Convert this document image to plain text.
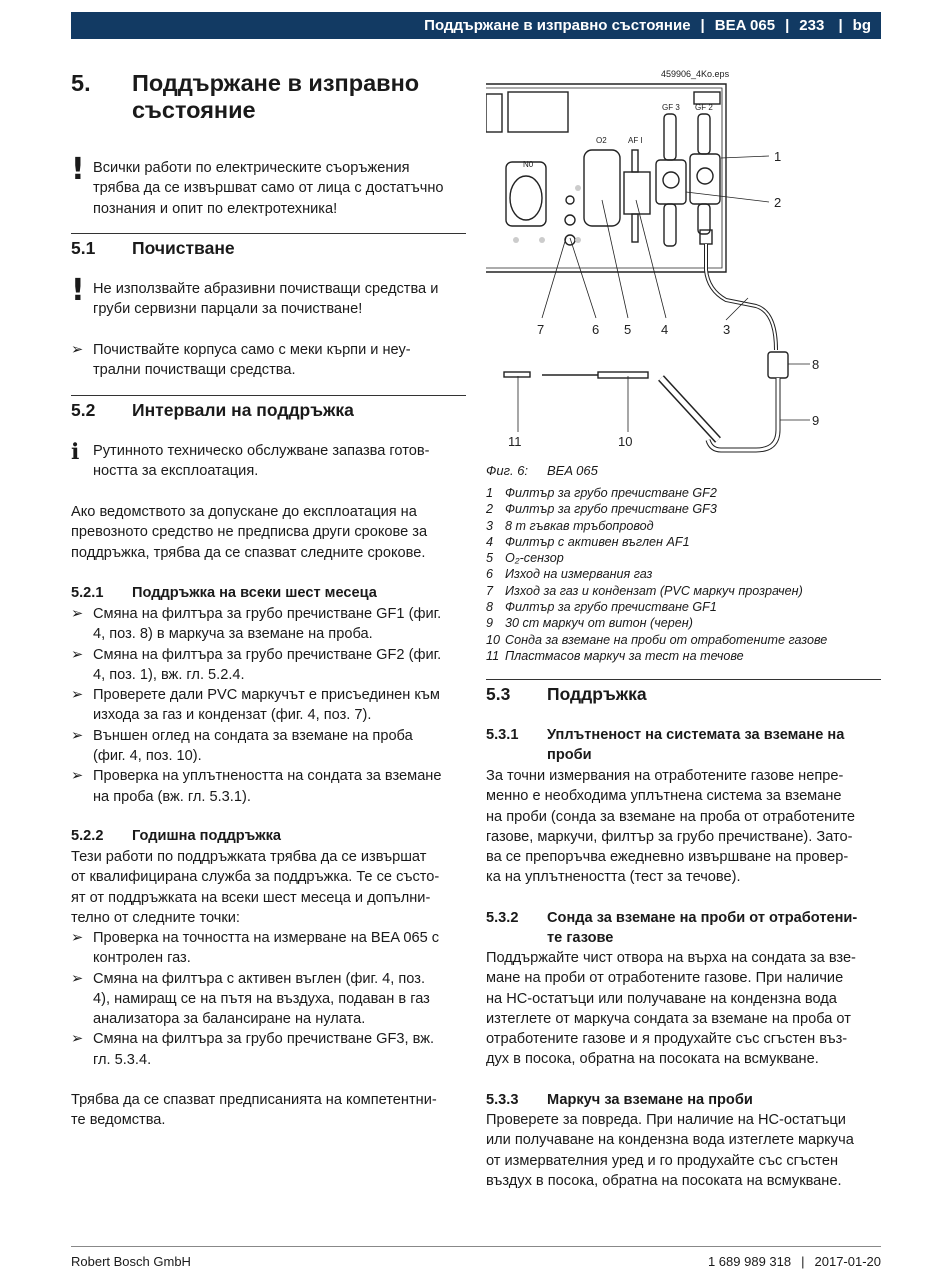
Поддържане в изправно състояние | BEA 065 | 233 | bg
5.	Поддържане в изправно
състояние
! Всички работи по електрическите съоръжения
трябва да се извършват само от лица с достатъчно
познания и опит по електротехника!

5.1	Почистване
! Не използвайте абразивни почистващи средства и
груби сервизни парцали за почистване!

➢ Почиствайте корпуса само с меки кърпи и неу-
трални почистващи средства.
5.2	Интервали на поддръжка
ℹ Рутинното техническо обслужване запазва готов-
ността за експлоатация.

Ако ведомството за допускане до експлоатация на
превозното средство не предписва други срокове за
поддръжка, трябва да се спазват следните срокове.

5.2.1	Поддръжка на всеки шест месеца
➢ Смяна на филтъра за грубо пречистване GF1 (фиг.
4, поз. 8) в маркуча за вземане на проба.
➢ Смяна на филтъра за грубо пречистване GF2 (фиг.
4, поз. 1), вж. гл. 5.2.4.
➢ Проверете дали PVC маркучът е присъединен към
изхода за газ и кондензат (фиг. 4, поз. 7).
➢ Външен оглед на сондата за вземане на проба
(фиг. 4, поз. 10).
➢ Проверка на уплътнеността на сондата за вземане
на проба (вж. гл. 5.3.1).
5.2.2	Годишна поддръжка

Тези работи по поддръжката трябва да се извършат
от квалифицирана служба за поддръжка. Те се състо-
ят от поддръжката на всеки шест месеца и допълни-
телно от следните точки:

➢ Проверка на точността на измерване на BEA 065 с
контролен газ.
➢ Смяна на филтъра с активен въглен (фиг. 4, поз.
4), намиращ се на пътя на въздуха, подаван в газ
анализатора за балансиране на нулата.
➢ Смяна на филтъра за грубо пречистване GF3, вж.
гл. 5.3.4.

Трябва да се спазват предписанията на компетентни-
те ведомства.

459906_4Ko.eps
GF 3 GF 2
O2	AF I
N0
1
2
3
4
5
6
7
8
9
10
11
Фиг. 6: BEA 065
1 Филтър за грубо пречистване GF2
2 Филтър за грубо пречистване GF3
3 8 m гъвкав тръбопровод
4 Филтър с активен въглен AF1
5 O₂-сензор
6 Изход на измервания газ
7 Изход за газ и кондензат (PVC маркуч прозрачен)
8 Филтър за грубо пречистване GF1
9 30 cm маркуч от витон (черен)
10 Сонда за вземане на проби от отработените газове
11 Пластмасов маркуч за тест на течове
5.3	Поддръжка
5.3.1	Уплътненост на системата за вземане на
проби

За точни измервания на отработените газове непре-
менно е необходима уплътнена система за вземане
на проби (сонда за вземане на проба от отработените
газове, маркучи, филтър за грубо пречистване). Зато-
ва се препоръчва ежедневно извършване на провер-
ка на уплътнеността (тест за течове).

5.3.2	Сонда за вземане на проби от отработени-
те газове

Поддържайте чист отвора на върха на сондата за взе-
мане на проби от отработените газове. При наличие
на HC-остатъци или получаване на кондензна вода
изтеглете от маркуча сондата за вземане на проба от
отработените газове и я продухайте със сгъстен въз-
дух в посока, обратна на посоката на всмукване.

5.3.3	Маркуч за вземане на проби

Проверете за повреда. При наличие на HC-остатъци
или получаване на кондензна вода изтеглете маркуча
от измервателния уред и го продухайте със сгъстен
въздух в посока, обратна на посоката на всмукване.

Robert Bosch GmbH	1 689 989 318 | 2017-01-20
